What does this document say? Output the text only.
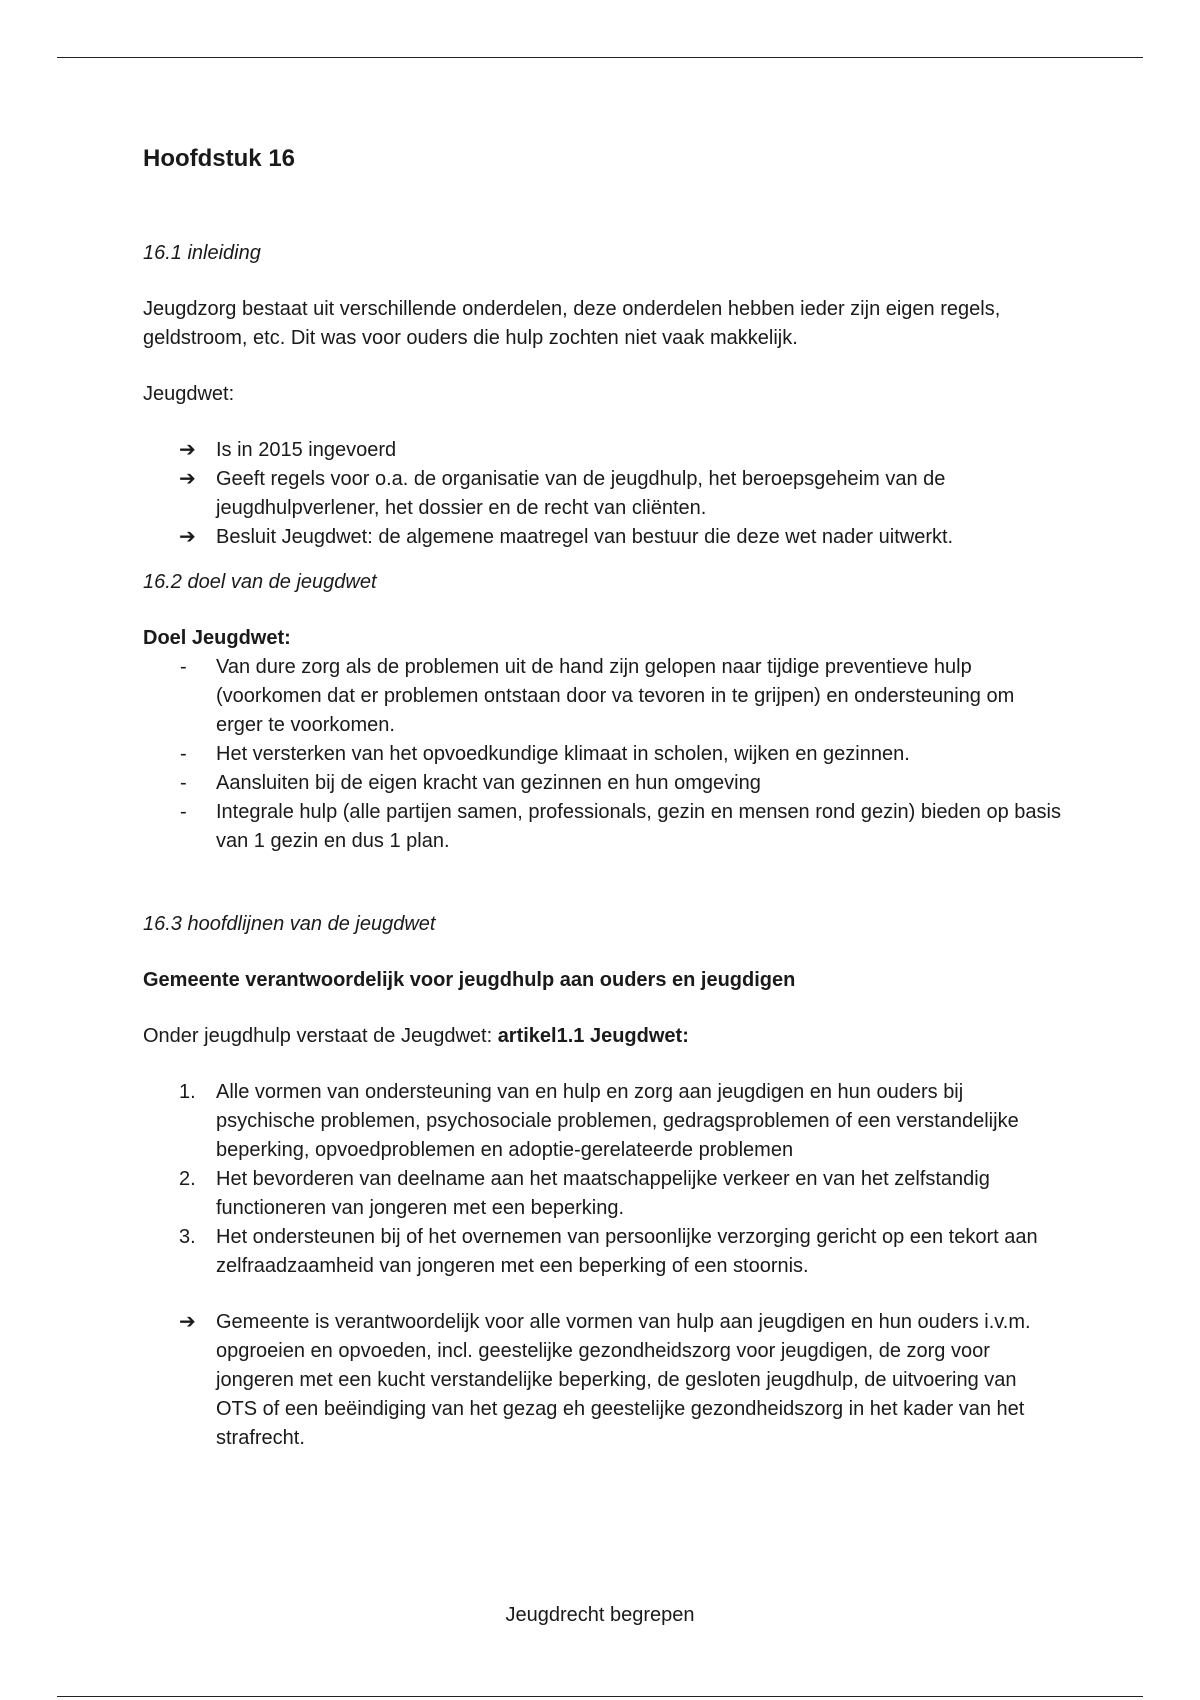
Hoofdstuk 16

16.1 inleiding

Jeugdzorg bestaat uit verschillende onderdelen, deze onderdelen hebben ieder zijn eigen regels, geldstroom, etc. Dit was voor ouders die hulp zochten niet vaak makkelijk.

Jeugdwet:

➔	Is in 2015 ingevoerd
➔	Geeft regels voor o.a. de organisatie van de jeugdhulp, het beroepsgeheim van de jeugdhulpverlener, het dossier en de recht van cliënten.
➔	Besluit Jeugdwet: de algemene maatregel van bestuur die deze wet nader uitwerkt.

16.2 doel van de jeugdwet

Doel Jeugdwet:

-	Van dure zorg als de problemen uit de hand zijn gelopen naar tijdige preventieve hulp (voorkomen dat er problemen ontstaan door va tevoren in te grijpen) en ondersteuning om erger te voorkomen.
-	Het versterken van het opvoedkundige klimaat in scholen, wijken en gezinnen.
-	Aansluiten bij de eigen kracht van gezinnen en hun omgeving
-	Integrale hulp (alle partijen samen, professionals, gezin en mensen rond gezin) bieden op basis van 1 gezin en dus 1 plan.

16.3 hoofdlijnen van de jeugdwet

Gemeente verantwoordelijk voor jeugdhulp aan ouders en jeugdigen

Onder jeugdhulp verstaat de Jeugdwet: artikel1.1 Jeugdwet:

1.	Alle vormen van ondersteuning van en hulp en zorg aan jeugdigen en hun ouders bij psychische problemen, psychosociale problemen, gedragsproblemen of een verstandelijke beperking, opvoedproblemen en adoptie-gerelateerde problemen
2.	Het bevorderen van deelname aan het maatschappelijke verkeer en van het zelfstandig functioneren van jongeren met een beperking.
3.	Het ondersteunen bij of het overnemen van persoonlijke verzorging gericht op een tekort aan zelfraadzaamheid van jongeren met een beperking of een stoornis.
➔	Gemeente is verantwoordelijk voor alle vormen van hulp aan jeugdigen en hun ouders i.v.m. opgroeien en opvoeden, incl. geestelijke gezondheidszorg voor jeugdigen, de zorg voor jongeren met een kucht verstandelijke beperking, de gesloten jeugdhulp, de uitvoering van OTS of een beëindiging van het gezag eh geestelijke gezondheidszorg in het kader van het strafrecht.
Jeugdrecht begrepen
